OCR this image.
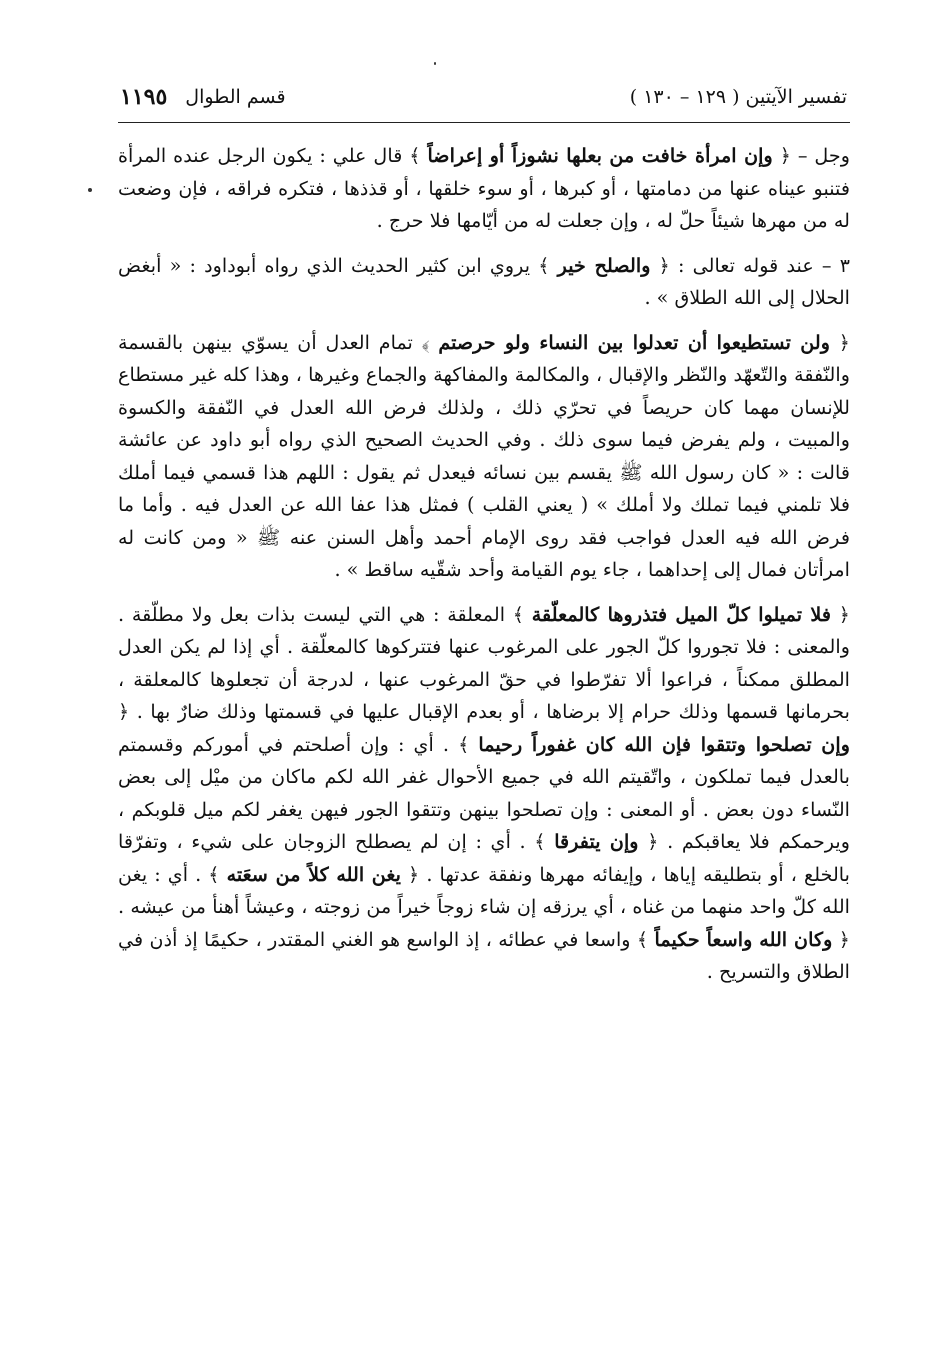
تفسير الآيتين ( ١٢٩ – ١٣٠ )
قسم الطوال
١١٩٥

وجل – ﴿ وإن امرأة خافت من بعلها نشوزاً أو إعراضاً ﴾ قال علي : يكون الرجل عنده المرأة فتنبو عيناه عنها من دمامتها ، أو كبرها ، أو سوء خلقها ، أو قذذها ، فتكره فراقه ، فإن وضعت له من مهرها شيئاً حلّ له ، وإن جعلت له من أيّامها فلا حرج .

٣ – عند قوله تعالى : ﴿ والصلح خير ﴾ يروي ابن كثير الحديث الذي رواه أبوداود : « أبغض الحلال إلى الله الطلاق » .

﴿ ولن تستطيعوا أن تعدلوا بين النساء ولو حرصتم ﴾ تمام العدل أن يسوّي بينهن بالقسمة والنّفقة والتّعهّد والنّظر والإقبال ، والمكالمة والمفاكهة والجماع وغيرها ، وهذا كله غير مستطاع للإنسان مهما كان حريصاً في تحرّي ذلك ، ولذلك فرض الله العدل في النّفقة والكسوة والمبيت ، ولم يفرض فيما سوى ذلك . وفي الحديث الصحيح الذي رواه أبو داود عن عائشة قالت : « كان رسول الله ﷺ يقسم بين نسائه فيعدل ثم يقول : اللهم هذا قسمي فيما أملك فلا تلمني فيما تملك ولا أملك » ( يعني القلب ) فمثل هذا عفا الله عن العدل فيه . وأما ما فرض الله فيه العدل فواجب فقد روى الإمام أحمد وأهل السنن عنه ﷺ « ومن كانت له امرأتان فمال إلى إحداهما ، جاء يوم القيامة وأحد شقّيه ساقط » .

﴿ فلا تميلوا كلّ الميل فتذروها كالمعلّقة ﴾ المعلقة : هي التي ليست بذات بعل ولا مطلّقة . والمعنى : فلا تجوروا كلّ الجور على المرغوب عنها فتتركوها كالمعلّقة . أي إذا لم يكن العدل المطلق ممكناً ، فراعوا ألا تفرّطوا في حقّ المرغوب عنها ، لدرجة أن تجعلوها كالمعلقة ، بحرمانها قسمها وذلك حرام إلا برضاها ، أو بعدم الإقبال عليها في قسمتها وذلك ضارٌ بها . ﴿ وإن تصلحوا وتتقوا فإن الله كان غفوراً رحيما ﴾ . أي : وإن أصلحتم في أموركم وقسمتم بالعدل فيما تملكون ، واتّقيتم الله في جميع الأحوال غفر الله لكم ماكان من ميْل إلى بعض النّساء دون بعض . أو المعنى : وإن تصلحوا بينهن وتتقوا الجور فيهن يغفر لكم ميل قلوبكم ، ويرحمكم فلا يعاقبكم . ﴿ وإن يتفرقا ﴾ . أي : إن لم يصطلح الزوجان على شيء ، وتفرّقا بالخلع ، أو بتطليقه إياها ، وإيفائه مهرها ونفقة عدتها . ﴿ يغن الله كلاً من سعَته ﴾ . أي : يغن الله كلّ واحد منهما من غناه ، أي يرزقه إن شاء زوجاً خيراً من زوجته ، وعيشاً أهنأ من عيشه . ﴿ وكان الله واسعاً حكيماً ﴾ واسعا في عطائه ، إذ الواسع هو الغني المقتدر ، حكيمًا إذ أذن في الطلاق والتسريح .
